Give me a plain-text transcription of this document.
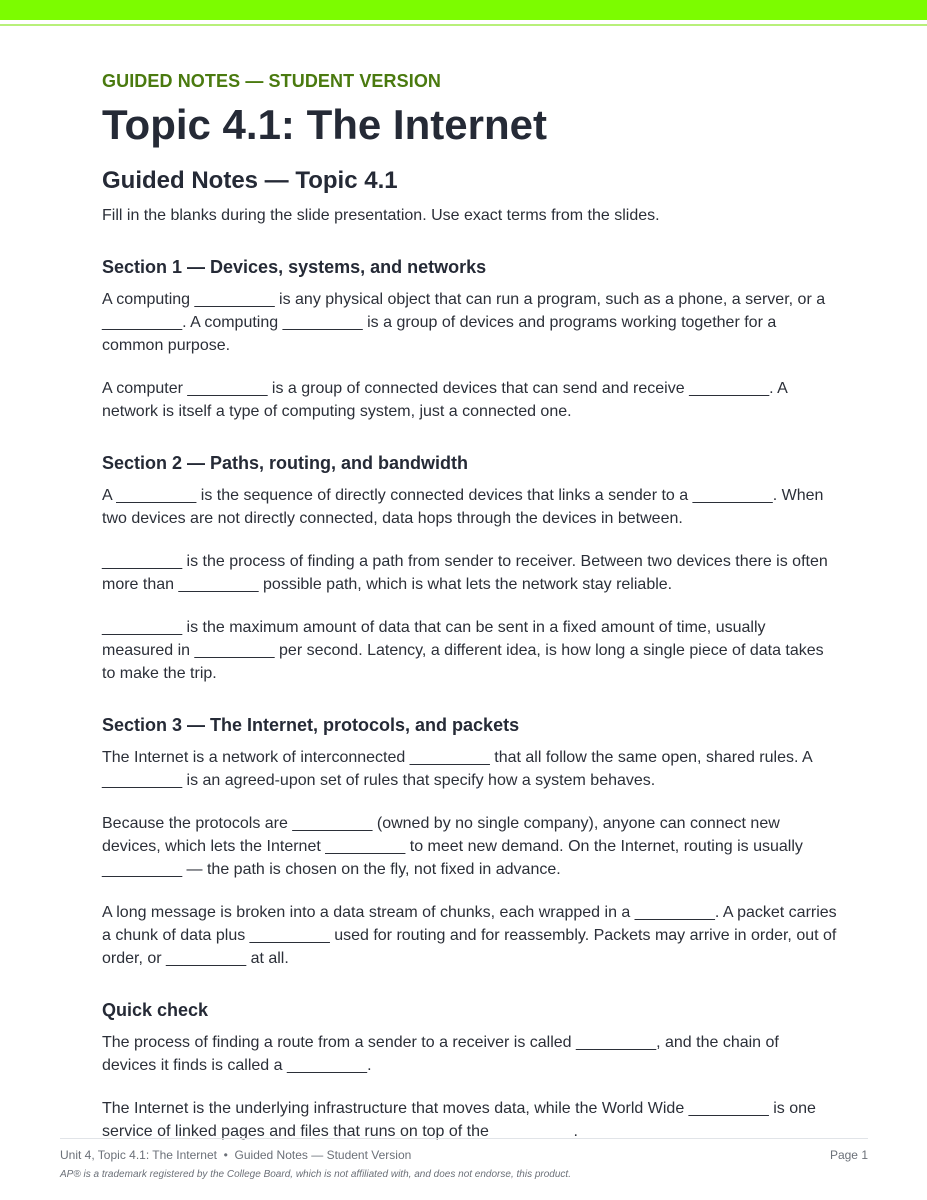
GUIDED NOTES — STUDENT VERSION

Topic 4.1: The Internet
Guided Notes — Topic 4.1

Fill in the blanks during the slide presentation. Use exact terms from the slides.

Section 1 — Devices, systems, and networks

A computing _________ is any physical object that can run a program, such as a phone, a server, or a _________. A computing _________ is a group of devices and programs working together for a common purpose.

A computer _________ is a group of connected devices that can send and receive _________. A network is itself a type of computing system, just a connected one.

Section 2 — Paths, routing, and bandwidth

A _________ is the sequence of directly connected devices that links a sender to a _________. When two devices are not directly connected, data hops through the devices in between.

_________ is the process of finding a path from sender to receiver. Between two devices there is often more than _________ possible path, which is what lets the network stay reliable.

_________ is the maximum amount of data that can be sent in a fixed amount of time, usually measured in _________ per second. Latency, a different idea, is how long a single piece of data takes to make the trip.

Section 3 — The Internet, protocols, and packets

The Internet is a network of interconnected _________ that all follow the same open, shared rules. A _________ is an agreed-upon set of rules that specify how a system behaves.

Because the protocols are _________ (owned by no single company), anyone can connect new devices, which lets the Internet _________ to meet new demand. On the Internet, routing is usually _________ — the path is chosen on the fly, not fixed in advance.

A long message is broken into a data stream of chunks, each wrapped in a _________. A packet carries a chunk of data plus _________ used for routing and for reassembly. Packets may arrive in order, out of order, or _________ at all.

Quick check

The process of finding a route from a sender to a receiver is called _________, and the chain of devices it finds is called a _________.

The Internet is the underlying infrastructure that moves data, while the World Wide _________ is one service of linked pages and files that runs on top of the _________.

Unit 4, Topic 4.1: The Internet  •  Guided Notes — Student Version	Page 1
AP® is a trademark registered by the College Board, which is not affiliated with, and does not endorse, this product.
